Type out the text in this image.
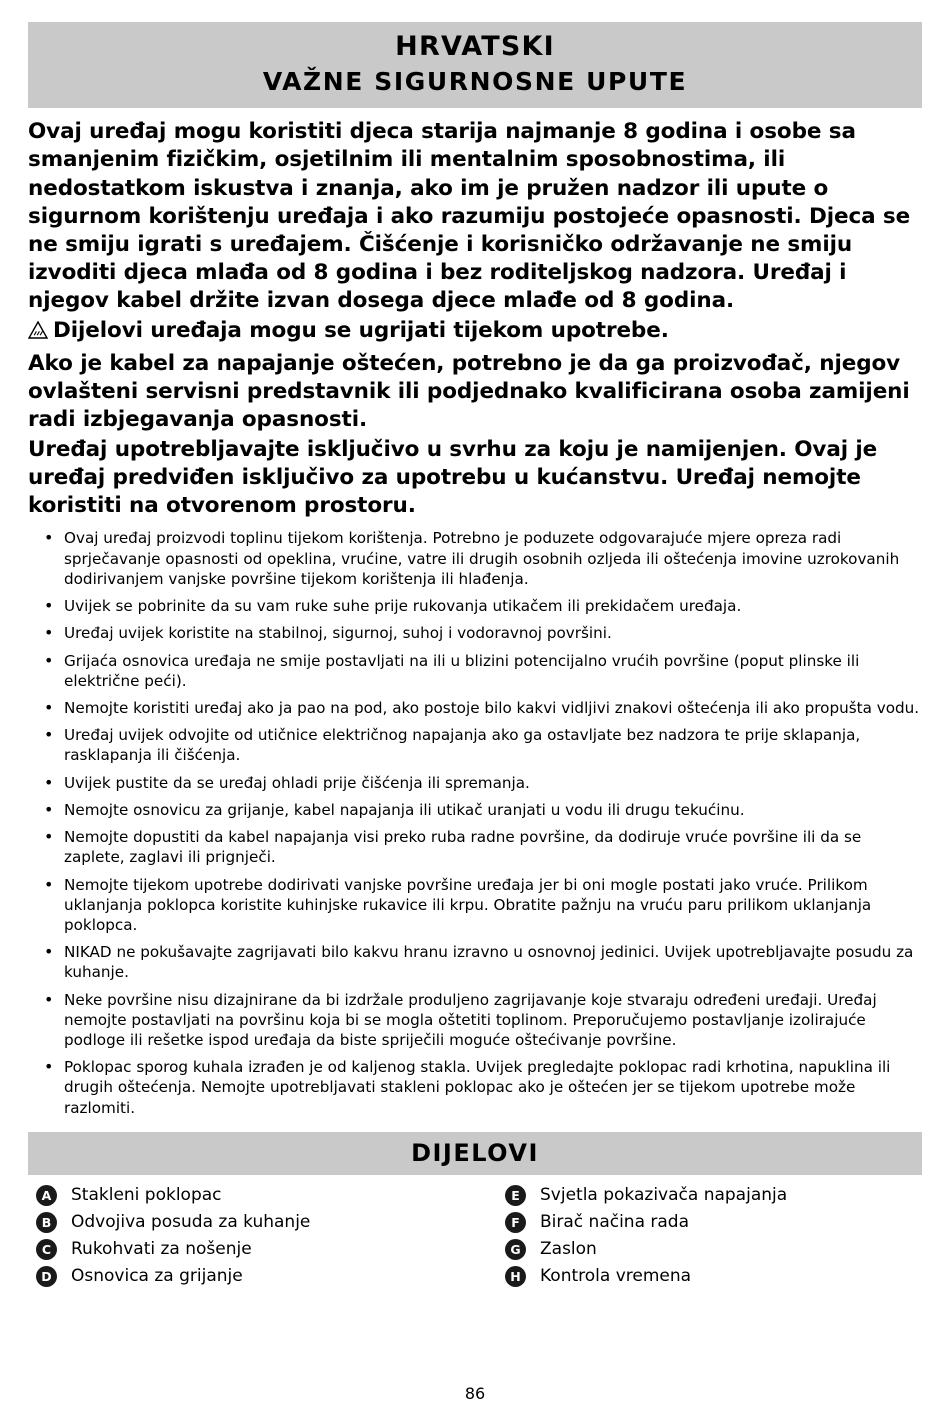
HRVATSKI
VAŽNE SIGURNOSNE UPUTE

Ovaj uređaj mogu koristiti djeca starija najmanje 8 godina i osobe sa smanjenim fizičkim, osjetilnim ili mentalnim sposobnostima, ili nedostatkom iskustva i znanja, ako im je pružen nadzor ili upute o sigurnom korištenju uređaja i ako razumiju postojeće opasnosti. Djeca se ne smiju igrati s uređajem. Čišćenje i korisničko održavanje ne smiju izvoditi djeca mlađa od 8 godina i bez roditeljskog nadzora. Uređaj i njegov kabel držite izvan dosega djece mlađe od 8 godina.

Dijelovi uređaja mogu se ugrijati tijekom upotrebe.

Ako je kabel za napajanje oštećen, potrebno je da ga proizvođač, njegov ovlašteni servisni predstavnik ili podjednako kvalificirana osoba zamijeni radi izbjegavanja opasnosti.

Uređaj upotrebljavajte isključivo u svrhu za koju je namijenjen. Ovaj je uređaj predviđen isključivo za upotrebu u kućanstvu. Uređaj nemojte koristiti na otvorenom prostoru.

• Ovaj uređaj proizvodi toplinu tijekom korištenja. Potrebno je poduzete odgovarajuće mjere opreza radi sprječavanje opasnosti od opeklina, vrućine, vatre ili drugih osobnih ozljeda ili oštećenja imovine uzrokovanih dodirivanjem vanjske površine tijekom korištenja ili hlađenja.
• Uvijek se pobrinite da su vam ruke suhe prije rukovanja utikačem ili prekidačem uređaja.
• Uređaj uvijek koristite na stabilnoj, sigurnoj, suhoj i vodoravnoj površini.
• Grijaća osnovica uređaja ne smije postavljati na ili u blizini potencijalno vrućih površine (poput plinske ili električne peći).
• Nemojte koristiti uređaj ako ja pao na pod, ako postoje bilo kakvi vidljivi znakovi oštećenja ili ako propušta vodu.
• Uređaj uvijek odvojite od utičnice električnog napajanja ako ga ostavljate bez nadzora te prije sklapanja, rasklapanja ili čišćenja.
• Uvijek pustite da se uređaj ohladi prije čišćenja ili spremanja.
• Nemojte osnovicu za grijanje, kabel napajanja ili utikač uranjati u vodu ili drugu tekućinu.
• Nemojte dopustiti da kabel napajanja visi preko ruba radne površine, da dodiruje vruće površine ili da se zaplete, zaglavi ili prignječi.
• Nemojte tijekom upotrebe dodirivati vanjske površine uređaja jer bi oni mogle postati jako vruće. Prilikom uklanjanja poklopca koristite kuhinjske rukavice ili krpu. Obratite pažnju na vruću paru prilikom uklanjanja poklopca.
• NIKAD ne pokušavajte zagrijavati bilo kakvu hranu izravno u osnovnoj jedinici. Uvijek upotrebljavajte posudu za kuhanje.
• Neke površine nisu dizajnirane da bi izdržale produljeno zagrijavanje koje stvaraju određeni uređaji. Uređaj nemojte postavljati na površinu koja bi se mogla oštetiti toplinom. Preporučujemo postavljanje izolirajuće podloge ili rešetke ispod uređaja da biste spriječili moguće oštećivanje površine.
• Poklopac sporog kuhala izrađen je od kaljenog stakla. Uvijek pregledajte poklopac radi krhotina, napuklina ili drugih oštećenja. Nemojte upotrebljavati stakleni poklopac ako je oštećen jer se tijekom upotrebe može razlomiti.
DIJELOVI
A	Stakleni poklopac
B	Odvojiva posuda za kuhanje
C	Rukohvati za nošenje
D	Osnovica za grijanje
E	Svjetla pokazivača napajanja
F	Birač načina rada
G	Zaslon
H	Kontrola vremena
86
